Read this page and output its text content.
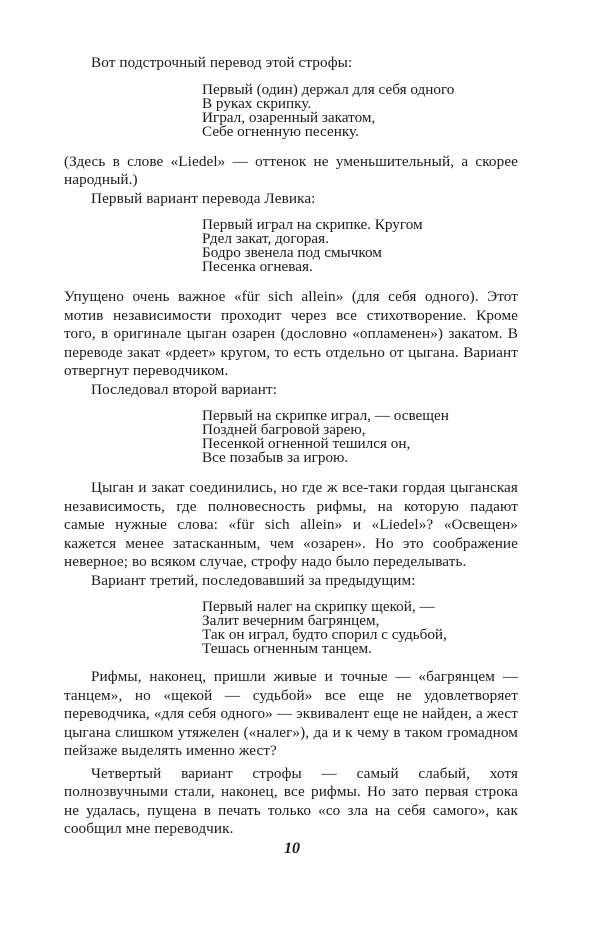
Вот подстрочный перевод этой строфы:

Первый (один) держал для себя одного
В руках скрипку.
Играл, озаренный закатом,
Себе огненную песенку.

(Здесь в слове «Liedel» — оттенок не уменьшительный, а скорее народный.)

Первый вариант перевода Левика:

Первый играл на скрипке. Кругом
Рдел закат, догорая.
Бодро звенела под смычком
Песенка огневая.

Упущено очень важное «für sich allein» (для себя одного). Этот мотив независимости проходит через все стихотворение. Кроме того, в оригинале цыган озарен (дословно «опламенен») закатом. В переводе закат «рдеет» кругом, то есть отдельно от цыгана. Вариант отвергнут переводчиком.

Последовал второй вариант:

Первый на скрипке играл, — освещен
Поздней багровой зарею,
Песенкой огненной тешился он,
Все позабыв за игрою.

Цыган и закат соединились, но где ж все-таки гордая цыганская независимость, где полновесность рифмы, на которую падают самые нужные слова: «für sich allein» и «Liedel»? «Освещен» кажется менее затасканным, чем «озарен». Но это соображение неверное; во всяком случае, строфу надо было переделывать.

Вариант третий, последовавший за предыдущим:

Первый налег на скрипку щекой, —
Залит вечерним багрянцем,
Так он играл, будто спорил с судьбой,
Тешась огненным танцем.

Рифмы, наконец, пришли живые и точные — «багрянцем — танцем», но «щекой — судьбой» все еще не удовлетворяет переводчика, «для себя одного» — эквивалент еще не найден, а жест цыгана слишком утяжелен («налег»), да и к чему в таком громадном пейзаже выделять именно жест?

Четвертый вариант строфы — самый слабый, хотя полнозвучными стали, наконец, все рифмы. Но зато первая строка не удалась, пущена в печать только «со зла на себя самого», как сообщил мне переводчик.

10
